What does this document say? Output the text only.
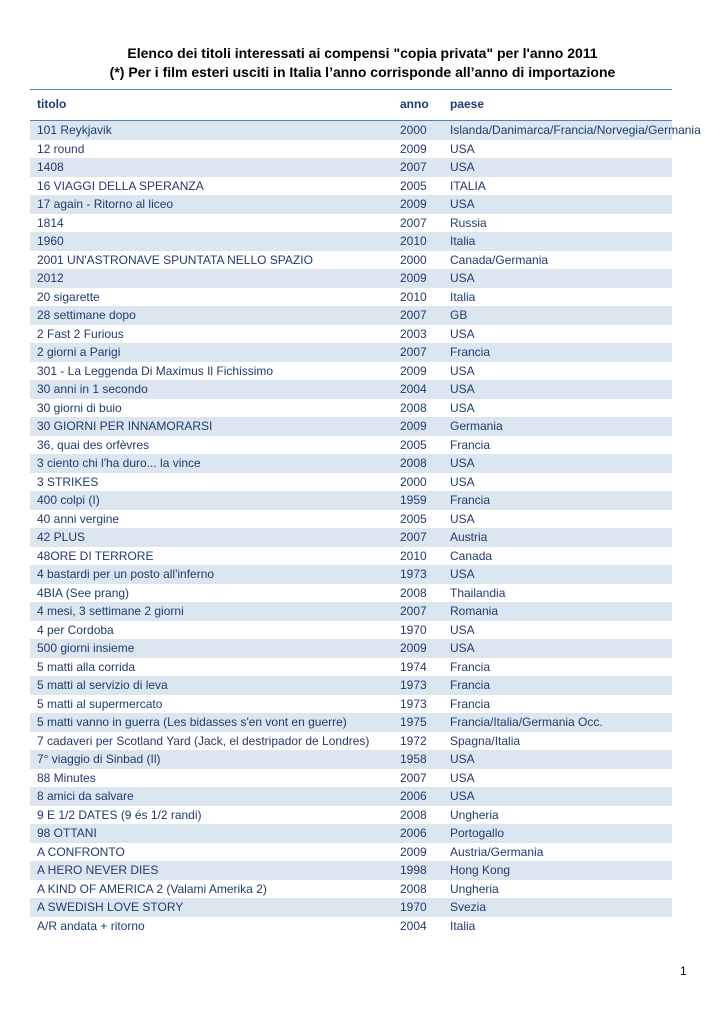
Elenco dei titoli interessati ai compensi "copia privata" per l'anno 2011
(*) Per i film esteri usciti in Italia l’anno corrisponde all’anno di importazione
titolo	anno paese
101 Reykjavik	2000 Islanda/Danimarca/Francia/Norvegia/Germania
12 round	2009 USA
1408	2007 USA
16 VIAGGI DELLA SPERANZA	2005 ITALIA
17 again - Ritorno al liceo	2009 USA
1814	2007 Russia
1960	2010 Italia
2001 UN'ASTRONAVE SPUNTATA NELLO SPAZIO	2000 Canada/Germania
2012	2009 USA
20 sigarette	2010 Italia
28 settimane dopo	2007 GB
2 Fast 2 Furious	2003 USA
2 giorni a Parigi	2007 Francia
301 - La Leggenda Di Maximus Il Fichissimo	2009 USA
30 anni in 1 secondo	2004 USA
30 giorni di buio	2008 USA
30 GIORNI PER INNAMORARSI	2009 Germania
36, quai des orfèvres	2005 Francia
3 ciento chi l'ha duro... la vince	2008 USA
3 STRIKES	2000 USA
400 colpi (I)	1959 Francia
40 anni vergine	2005 USA
42 PLUS	2007 Austria
48ORE DI TERRORE	2010 Canada
4 bastardi per un posto all'inferno	1973 USA
4BIA (See prang)	2008 Thailandia
4 mesi, 3 settimane 2 giorni	2007 Romania
4 per Cordoba	1970 USA
500 giorni insieme	2009 USA
5 matti alla corrida	1974 Francia
5 matti al servizio di leva	1973 Francia
5 matti al supermercato	1973 Francia
5 matti vanno in guerra (Les bidasses s'en vont en guerre)	1975 Francia/Italia/Germania Occ.
7 cadaveri per Scotland Yard (Jack, el destripador de Londres)	1972 Spagna/Italia
7° viaggio di Sinbad (Il)	1958 USA
88 Minutes	2007 USA
8 amici da salvare	2006 USA
9 E 1/2 DATES (9 és 1/2 randi)	2008 Ungheria
98 OTTANI	2006 Portogallo
A CONFRONTO	2009 Austria/Germania
A HERO NEVER DIES	1998 Hong Kong
A KIND OF AMERICA 2 (Valami Amerika 2)	2008 Ungheria
A SWEDISH LOVE STORY	1970 Svezia
A/R andata + ritorno	2004 Italia
1
